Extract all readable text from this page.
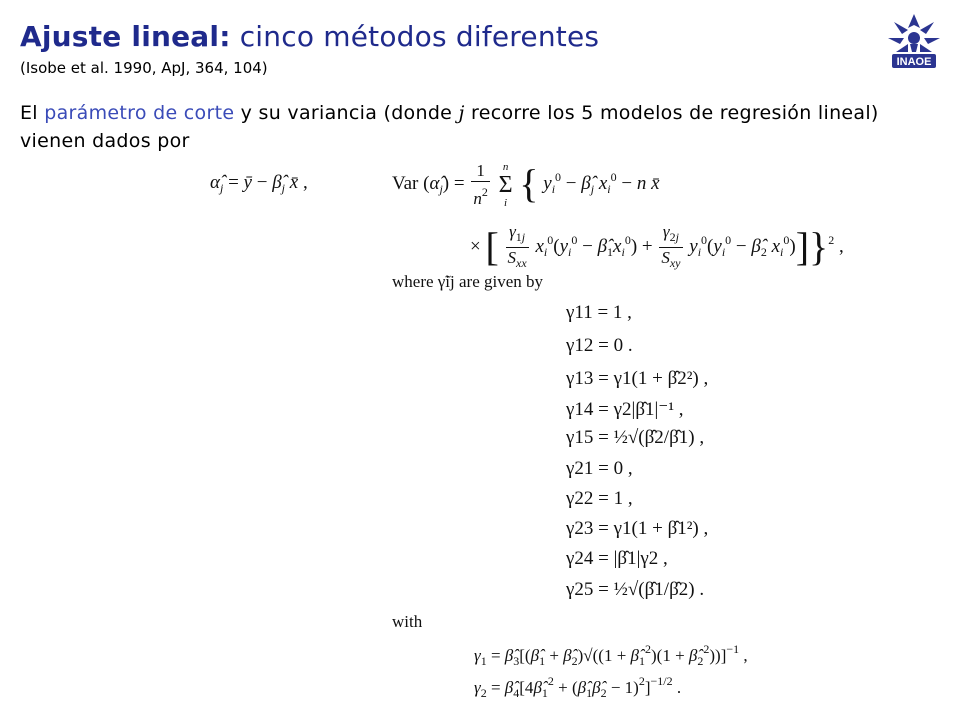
Ajuste lineal: cinco métodos diferentes
(Isobe et al. 1990, ApJ, 364, 104)	INAOE
El parámetro de corte y su variancia (donde j recorre los 5 modelos de regresión lineal) vienen dados por
$\alphâ_j$ = ȳ − $\betâ_j$ x̄ ,	Var $(\alphâ_j) = \frac{1}{n^2}$ n
Σ
i { $y_i^0$ − $\betâ_j$ $x_i^0 - n$ x̄
× [ $\frac{\gamma_{1j}}{S_{xx}} x_i^0(y_i^0$ − $\betâ_1x_i^0) + \frac{\gamma_{2j}}{S_{xy}} y_i^0(y_i^0$ − $\betâ_2$ $x_i^0)]\}^2$ ,
where γ̃ij are given by
γ11 = 1 ,
γ12 = 0 .
γ13 = γ1(1 + β̂2²) ,
γ14 = γ2|β̂1|⁻¹ ,
γ15 = ½√(β̂2/β̂1) ,
γ21 = 0 ,
γ22 = 1 ,
γ23 = γ1(1 + β̂1²) ,
γ24 = |β̂1|γ2 ,
γ25 = ½√(β̂1/β̂2) .
with
$\gamma_1$ = $\betâ_3[(\betâ_1$ + $\betâ_2)√((1$ + $\betâ_1^2)(1$ + $\betâ_2^2))]^{-1}$ ,
$\gamma_2$ = $\betâ_4[4\betâ_1^2$ + $(\betâ_1\betâ_2 - 1)^2]^{-1/2}$ .
